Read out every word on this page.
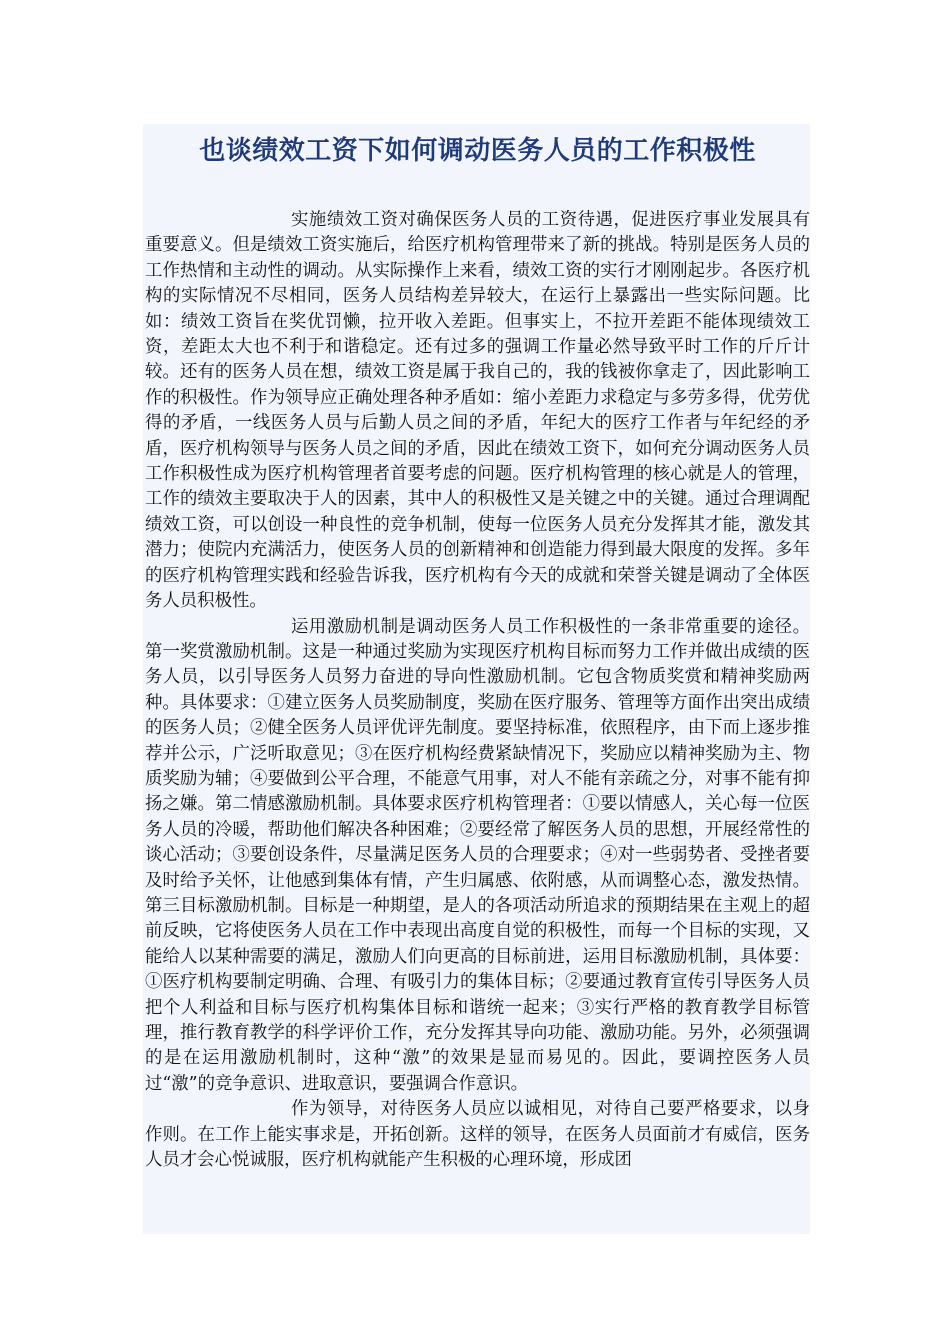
也谈绩效工资下如何调动医务人员的工作积极性

实施绩效工资对确保医务人员的工资待遇，促进医疗事业发展具有重要意义。但是绩效工资实施后，给医疗机构管理带来了新的挑战。特别是医务人员的工作热情和主动性的调动。从实际操作上来看，绩效工资的实行才刚刚起步。各医疗机构的实际情况不尽相同，医务人员结构差异较大，在运行上暴露出一些实际问题。比如：绩效工资旨在奖优罚懒，拉开收入差距。但事实上，不拉开差距不能体现绩效工资，差距太大也不利于和谐稳定。还有过多的强调工作量必然导致平时工作的斤斤计较。还有的医务人员在想，绩效工资是属于我自己的，我的钱被你拿走了，因此影响工作的积极性。作为领导应正确处理各种矛盾如：缩小差距力求稳定与多劳多得，优劳优得的矛盾，一线医务人员与后勤人员之间的矛盾，年纪大的医疗工作者与年纪经的矛盾，医疗机构领导与医务人员之间的矛盾，因此在绩效工资下，如何充分调动医务人员工作积极性成为医疗机构管理者首要考虑的问题。医疗机构管理的核心就是人的管理，工作的绩效主要取决于人的因素，其中人的积极性又是关键之中的关键。通过合理调配绩效工资，可以创设一种良性的竞争机制，使每一位医务人员充分发挥其才能，激发其潜力；使院内充满活力，使医务人员的创新精神和创造能力得到最大限度的发挥。多年的医疗机构管理实践和经验告诉我，医疗机构有今天的成就和荣誉关键是调动了全体医务人员积极性。

运用激励机制是调动医务人员工作积极性的一条非常重要的途径。第一奖赏激励机制。这是一种通过奖励为实现医疗机构目标而努力工作并做出成绩的医务人员，以引导医务人员努力奋进的导向性激励机制。它包含物质奖赏和精神奖励两种。具体要求：①建立医务人员奖励制度，奖励在医疗服务、管理等方面作出突出成绩的医务人员；②健全医务人员评优评先制度。要坚持标准，依照程序，由下而上逐步推荐并公示，广泛听取意见；③在医疗机构经费紧缺情况下，奖励应以精神奖励为主、物质奖励为辅；④要做到公平合理，不能意气用事，对人不能有亲疏之分，对事不能有抑扬之嫌。第二情感激励机制。具体要求医疗机构管理者：①要以情感人，关心每一位医务人员的冷暖，帮助他们解决各种困难；②要经常了解医务人员的思想，开展经常性的谈心活动；③要创设条件，尽量满足医务人员的合理要求；④对一些弱势者、受挫者要及时给予关怀，让他感到集体有情，产生归属感、依附感，从而调整心态，激发热情。第三目标激励机制。目标是一种期望，是人的各项活动所追求的预期结果在主观上的超前反映，它将使医务人员在工作中表现出高度自觉的积极性，而每一个目标的实现，又能给人以某种需要的满足，激励人们向更高的目标前进，运用目标激励机制，具体要：①医疗机构要制定明确、合理、有吸引力的集体目标；②要通过教育宣传引导医务人员把个人利益和目标与医疗机构集体目标和谐统一起来；③实行严格的教育教学目标管理，推行教育教学的科学评价工作，充分发挥其导向功能、激励功能。另外，必须强调的是在运用激励机制时，这种“激”的效果是显而易见的。因此，要调控医务人员过“激”的竞争意识、进取意识，要强调合作意识。

作为领导，对待医务人员应以诚相见，对待自己要严格要求，以身作则。在工作上能实事求是，开拓创新。这样的领导，在医务人员面前才有威信，医务人员才会心悦诚服，医疗机构就能产生积极的心理环境，形成团
